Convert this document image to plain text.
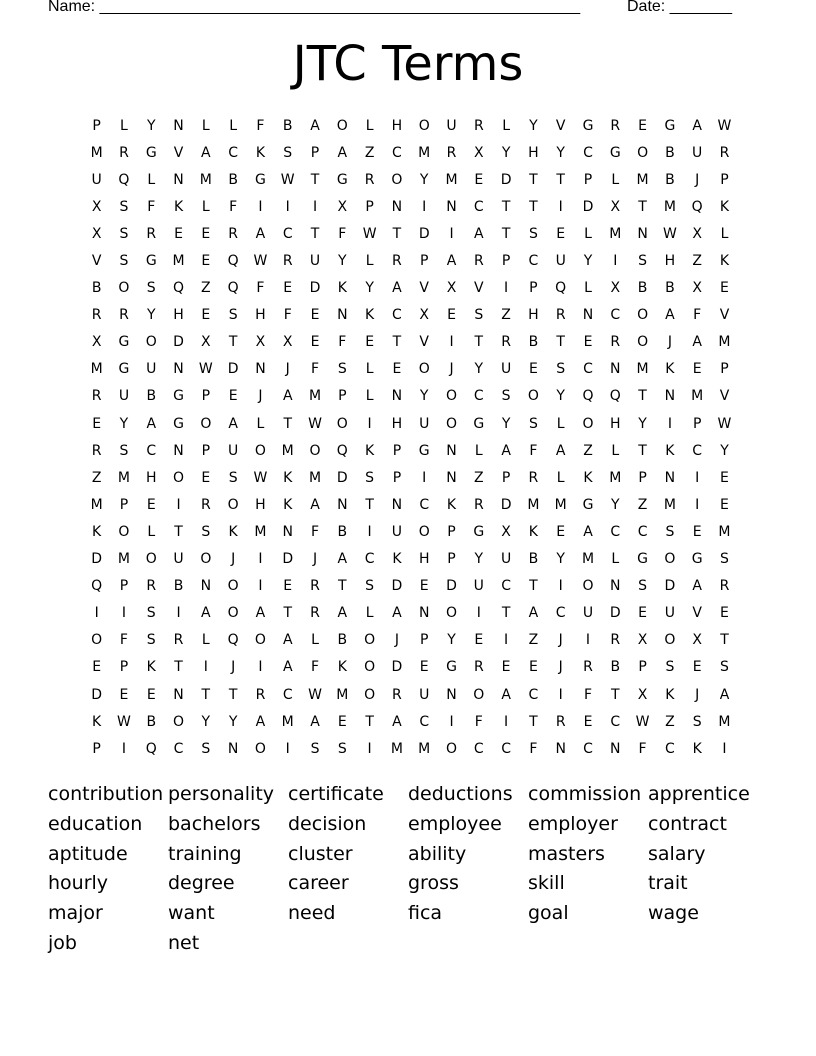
Name: ______________________________________________________	Date: _______
JTC Terms
P	L	Y	N	L	L	F	B	A	O	L	H	O	U	R	L	Y	V	G	R	E	G	A	W
M	R	G	V	A	C	K	S	P	A	Z	C	M	R	X	Y	H	Y	C	G	O	B	U	R
U	Q	L	N	M	B	G	W	T	G	R	O	Y	M	E	D	T	T	P	L	M	B	J	P
X	S	F	K	L	F	I	I	I	X	P	N	I	N	C	T	T	I	D	X	T	M	Q	K
X	S	R	E	E	R	A	C	T	F	W	T	D	I	A	T	S	E	L	M	N	W	X	L
V	S	G	M	E	Q	W	R	U	Y	L	R	P	A	R	P	C	U	Y	I	S	H	Z	K
B	O	S	Q	Z	Q	F	E	D	K	Y	A	V	X	V	I	P	Q	L	X	B	B	X	E
R	R	Y	H	E	S	H	F	E	N	K	C	X	E	S	Z	H	R	N	C	O	A	F	V
X	G	O	D	X	T	X	X	E	F	E	T	V	I	T	R	B	T	E	R	O	J	A	M
M	G	U	N	W	D	N	J	F	S	L	E	O	J	Y	U	E	S	C	N	M	K	E	P
R	U	B	G	P	E	J	A	M	P	L	N	Y	O	C	S	O	Y	Q	Q	T	N	M	V
E	Y	A	G	O	A	L	T	W	O	I	H	U	O	G	Y	S	L	O	H	Y	I	P	W
R	S	C	N	P	U	O	M	O	Q	K	P	G	N	L	A	F	A	Z	L	T	K	C	Y
Z	M	H	O	E	S	W	K	M	D	S	P	I	N	Z	P	R	L	K	M	P	N	I	E
M	P	E	I	R	O	H	K	A	N	T	N	C	K	R	D	M	M	G	Y	Z	M	I	E
K	O	L	T	S	K	M	N	F	B	I	U	O	P	G	X	K	E	A	C	C	S	E	M
D	M	O	U	O	J	I	D	J	A	C	K	H	P	Y	U	B	Y	M	L	G	O	G	S
Q	P	R	B	N	O	I	E	R	T	S	D	E	D	U	C	T	I	O	N	S	D	A	R
I	I	S	I	A	O	A	T	R	A	L	A	N	O	I	T	A	C	U	D	E	U	V	E
O	F	S	R	L	Q	O	A	L	B	O	J	P	Y	E	I	Z	J	I	R	X	O	X	T
E	P	K	T	I	J	I	A	F	K	O	D	E	G	R	E	E	J	R	B	P	S	E	S
D	E	E	N	T	T	R	C	W	M	O	R	U	N	O	A	C	I	F	T	X	K	J	A
K	W	B	O	Y	Y	A	M	A	E	T	A	C	I	F	I	T	R	E	C	W	Z	S	M
P	I	Q	C	S	N	O	I	S	S	I	M	M	O	C	C	F	N	C	N	F	C	K	I
contribution personality certificate	deductions commission apprentice
education	bachelors	decision	employee	employer	contract
aptitude	training	cluster	ability	masters	salary
hourly	degree	career	gross	skill	trait
major	want	need	fica	goal	wage
job	net
